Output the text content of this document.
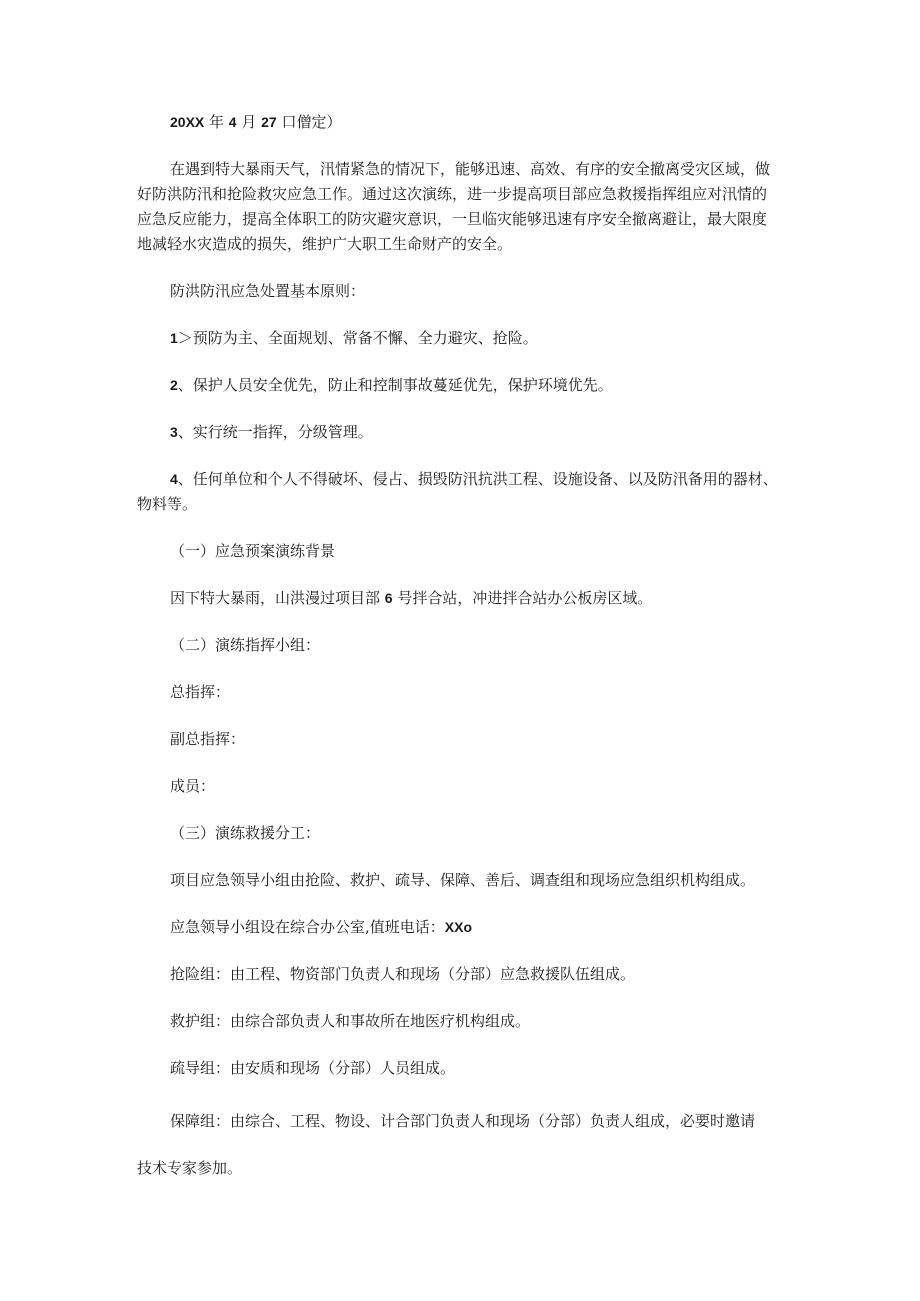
20XX 年 4 月 27 口僧定）
在遇到特大暴雨天气，汛情紧急的情况下，能够迅速、高效、有序的安全撤离受灾区域，做
好防洪防汛和抢险救灾应急工作。通过这次演练，进一步提高项目部应急救援指挥组应对汛情的
应急反应能力，提高全体职工的防灾避灾意识，一旦临灾能够迅速有序安全撤离避让，最大限度
地减轻水灾造成的损失，维护广大职工生命财产的安全。
防洪防汛应急处置基本原则：
1＞预防为主、全面规划、常备不懈、全力避灾、抢险。
2、保护人员安全优先，防止和控制事故蔓延优先，保护环境优先。
3、实行统一指挥，分级管理。
4、任何单位和个人不得破坏、侵占、损毁防汛抗洪工程、设施设备、以及防汛备用的器材、
物料等。
（一）应急预案演练背景
因下特大暴雨，山洪漫过项目部 6 号拌合站，冲进拌合站办公板房区域。
（二）演练指挥小组：
总指挥：
副总指挥：
成员：
（三）演练救援分工：
项目应急领导小组由抢险、救护、疏导、保障、善后、调查组和现场应急组织机构组成。
应急领导小组设在综合办公室,值班电话：XXo
抢险组：由工程、物资部门负责人和现场（分部）应急救援队伍组成。
救护组：由综合部负责人和事故所在地医疗机构组成。
疏导组：由安质和现场（分部）人员组成。
保障组：由综合、工程、物设、计合部门负责人和现场（分部）负责人组成，必要时邀请
技术专家参加。
